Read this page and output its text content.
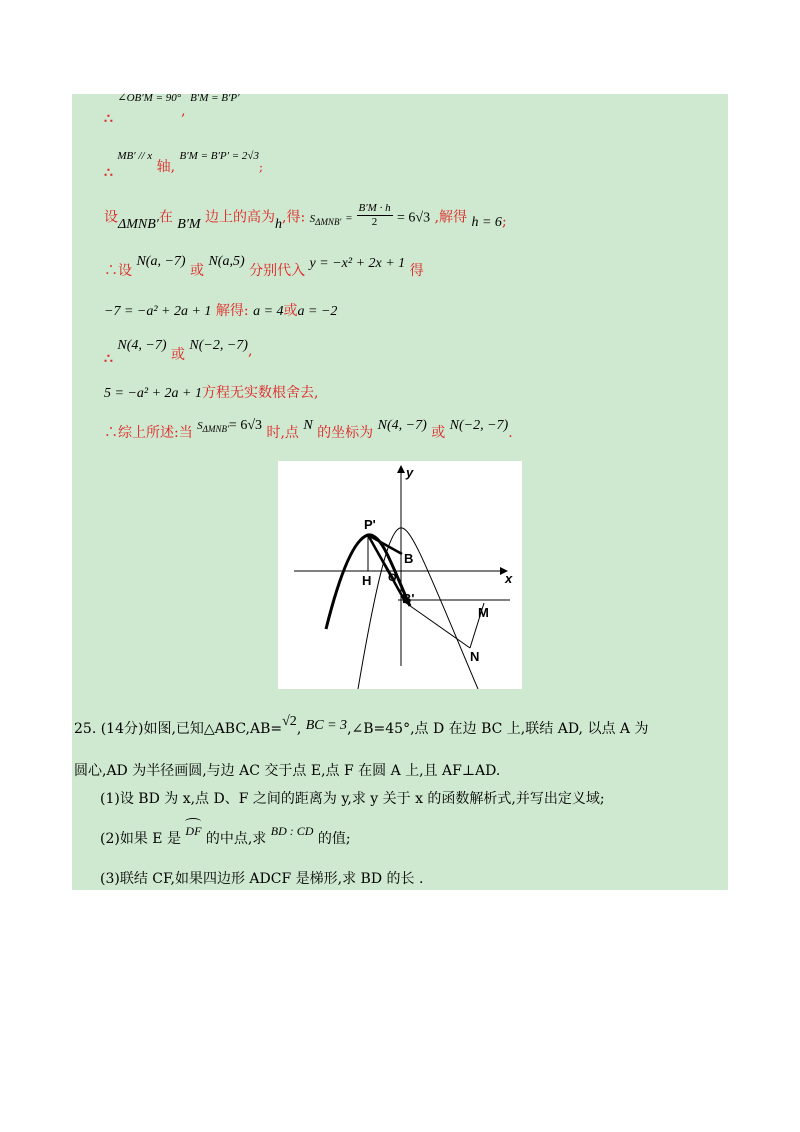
∴ $^{\angle OB'M = 90^\circ}$, $^{B'M = B'P'}$
∴ $^{MB' // x}$ 轴, $^{B'M = B'P' = 2√3}$;
设ΔMNB′在 B′M 边上的高为h,得: $S_{\Delta MNB'} = \frac{B'M \cdot h}{2} = 6√3$ ,解得 h = 6;
∴设 N(a, −7) 或 N(a,5) 分别代入 y = −x² + 2x + 1 得
−7 = −a² + 2a + 1 解得: a = 4或a = −2
∴ N(4, −7) 或 N(−2, −7),
5 = −a² + 2a + 1方程无实数根舍去,
∴综上所述:当 $S_{\Delta MNB'}= 6√3$ 时,点 N 的坐标为 N(4, −7) 或 N(−2, −7).
y
x
P'
B
H O
B'
M
N
25. (14分)如图,已知△ABC,AB=√2, BC = 3,∠B=45°,点 D 在边 BC 上,联结 AD, 以点 A 为
圆心,AD 为半径画圆,与边 AC 交于点 E,点 F 在圆 A 上,且 AF⊥AD.
(1)设 BD 为 x,点 D、F 之间的距离为 y,求 y 关于 x 的函数解析式,并写出定义域;
(2)如果 E 是 DF 的中点,求 BD : CD 的值;
(3)联结 CF,如果四边形 ADCF 是梯形,求 BD 的长 .
